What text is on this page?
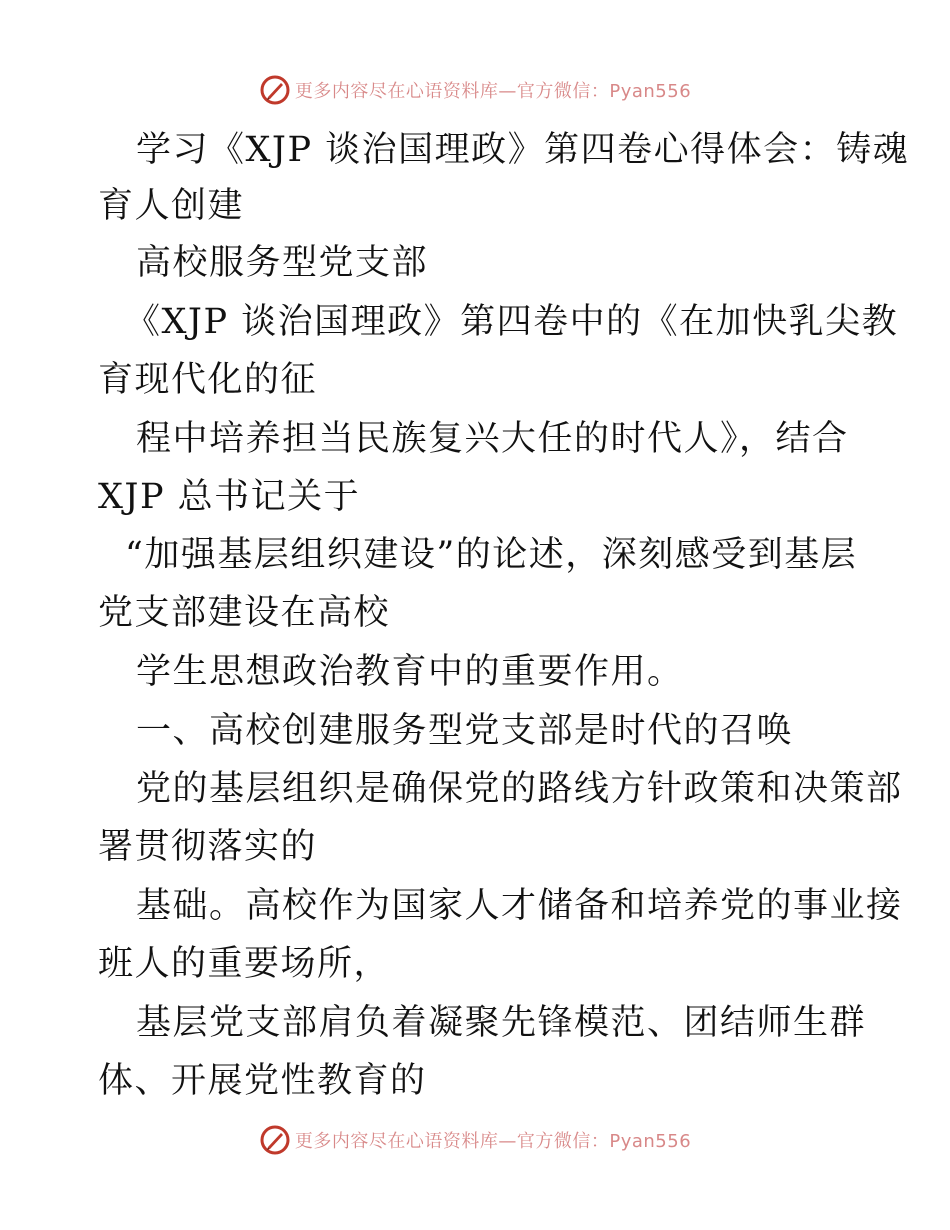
更多内容尽在心语资料库—官方微信：Pyan556
学习《XJP 谈治国理政》第四卷心得体会：铸魂
育人创建
高校服务型党支部
《XJP 谈治国理政》第四卷中的《在加快乳尖教
育现代化的征
程中培养担当民族复兴大任的时代人》，结合
XJP 总书记关于
“加强基层组织建设”的论述，深刻感受到基层
党支部建设在高校
学生思想政治教育中的重要作用。
一、高校创建服务型党支部是时代的召唤
党的基层组织是确保党的路线方针政策和决策部
署贯彻落实的
基础。高校作为国家人才储备和培养党的事业接
班人的重要场所，
基层党支部肩负着凝聚先锋模范、团结师生群
体、开展党性教育的
更多内容尽在心语资料库—官方微信：Pyan556
